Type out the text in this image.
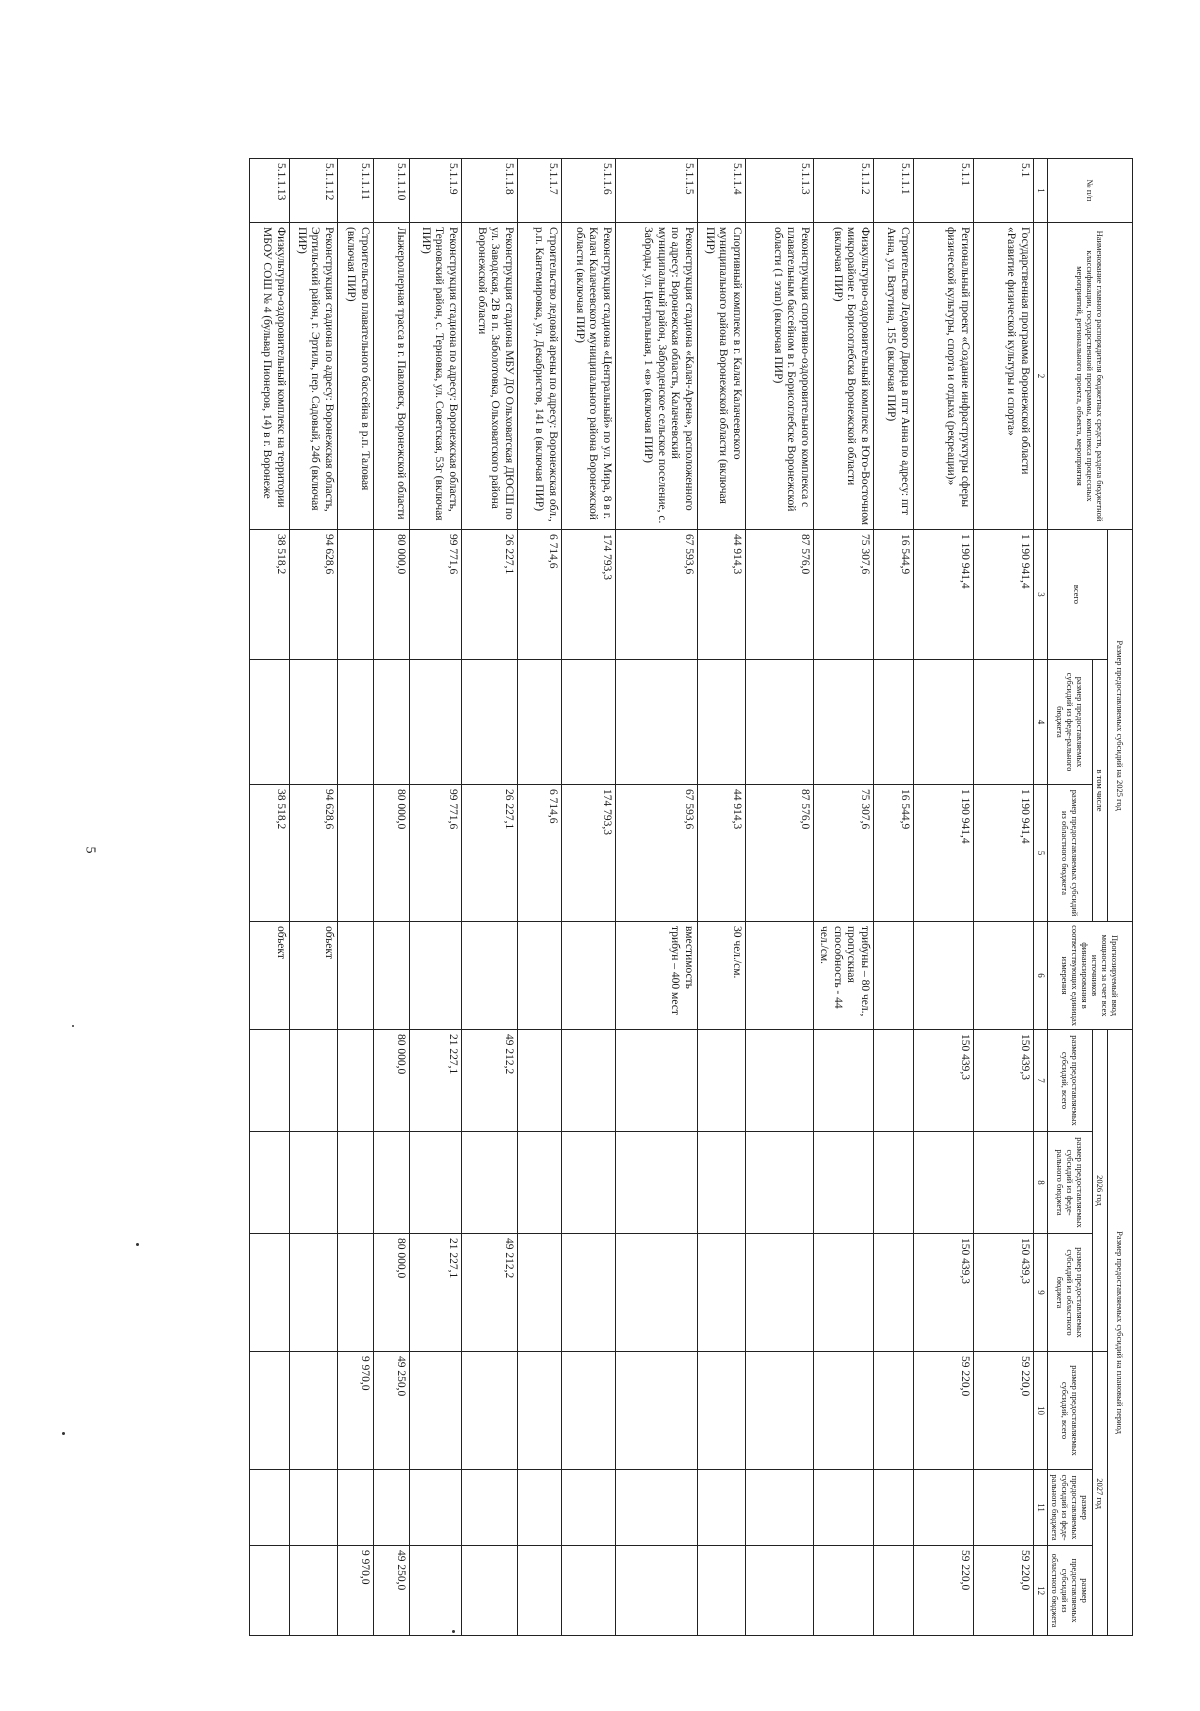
5
№ п/п	Наименование главного распорядителя бюджетных средств, раздела бюджетной классификации, государственной программы, комплекса процессных мероприятий, регионального проекта, объекта, мероприятия	Размер предоставляемых субсидий на 2025 год			Прогнозируемый ввод мощности за счет всех источников финансирования в соответствующих единицах измерения	Размер предоставляемых субсидий на плановый период					
		всего	в том числе			2026 год			2027 год		
			размер предоставляемых субсидий из феде-рального бюджета	размер предоставляемых субсидий из областного бюджета		размер предоставляемых субсидий, всего	размер предоставляемых субсидий из феде-рального бюджета	размер предоставляемых субсидий из областного бюджета	размер предоставляемых субсидий, всего	размер предоставляемых субсидий из феде-рального бюджета	размер предоставляемых субсидий из областного бюджета

1	2	3	4	5	6	7	8	9	10	11	12
5.1	Государственная программа Воронежской области «Развитие физической культуры и спорта»	1 190 941,4		1 190 941,4		150 439,3		150 439,3	59 220,0		59 220,0
5.1.1	Региональный проект «Создание инфраструктуры сферы физической культуры, спорта и отдыха (рекреации)»	1 190 941,4		1 190 941,4		150 439,3		150 439,3	59 220,0		59 220,0
5.1.1.1	Строительство Ледового Дворца в пгт Анна по адресу: пгт Анна, ул. Ватутина, 155 (включая ПИР)	16 544,9		16 544,9							
5.1.1.2	Физкультурно-оздоровительный комплекс в Юго-Восточном микрорайоне г. Борисоглебска Воронежской области (включая ПИР)	75 307,6		75 307,6	трибуны – 80 чел., пропускная способность - 44 чел./см.						
5.1.1.3	Реконструкция спортивно-оздоровительного комплекса с плавательным бассейном в г. Борисоглебске Воронежской области (1 этап) (включая ПИР)	87 576,0		87 576,0							
5.1.1.4	Спортивный комплекс в г. Калач Калачеевского муниципального района Воронежской области (включая ПИР)	44 914,3		44 914,3	30 чел./см.						
5.1.1.5	Реконструкция стадиона «Калач-Арена», расположенного по адресу: Воронежская область, Калачеевский муниципальный район, Заброденское сельское поселение, с. Заброды, ул. Центральная, 1 «в» (включая ПИР)	67 593,6		67 593,6	вместимость трибун – 400 мест						
5.1.1.6	Реконструкция стадиона «Центральный» по ул. Мира, 8 в г. Калач Калачеевского муниципального района Воронежской области (включая ПИР)	174 793,3		174 793,3							
5.1.1.7	Строительство ледовой арены по адресу: Воронежская обл., р.п. Кантемировка, ул. Декабристов, 141 в (включая ПИР)	6 714,6		6 714,6							
5.1.1.8	Реконструкция стадиона МБУ ДО Ольховатская ДЮСШ по ул. Заводская, 2В в п. Заболотовка, Ольховатского района Воронежской области	26 227,1		26 227,1		49 212,2		49 212,2			
5.1.1.9	Реконструкция стадиона по адресу: Воронежская область, Терновский район, с. Терновка, ул. Советская, 53г (включая ПИР)	99 771,6		99 771,6		21 227,1		21 227,1			
5.1.1.10	Лыжероллерная трасса в г. Павловск, Воронежской области	80 000,0		80 000,0		80 000,0		80 000,0	49 250,0		49 250,0
5.1.1.11	Строительство плавательного бассейна в р.п. Таловая (включая ПИР)								9 970,0		9 970,0
5.1.1.12	Реконструкция стадиона по адресу: Воронежская область, Эртильский район, г. Эртиль, пер. Садовый, 24б (включая ПИР)	94 628,6		94 628,6	объект						
5.1.1.13	Физкультурно-оздоровительный комплекс на территории МБОУ СОШ № 4 (бульвар Пионеров, 14) в г. Воронеже	38 518,2		38 518,2	объект						
